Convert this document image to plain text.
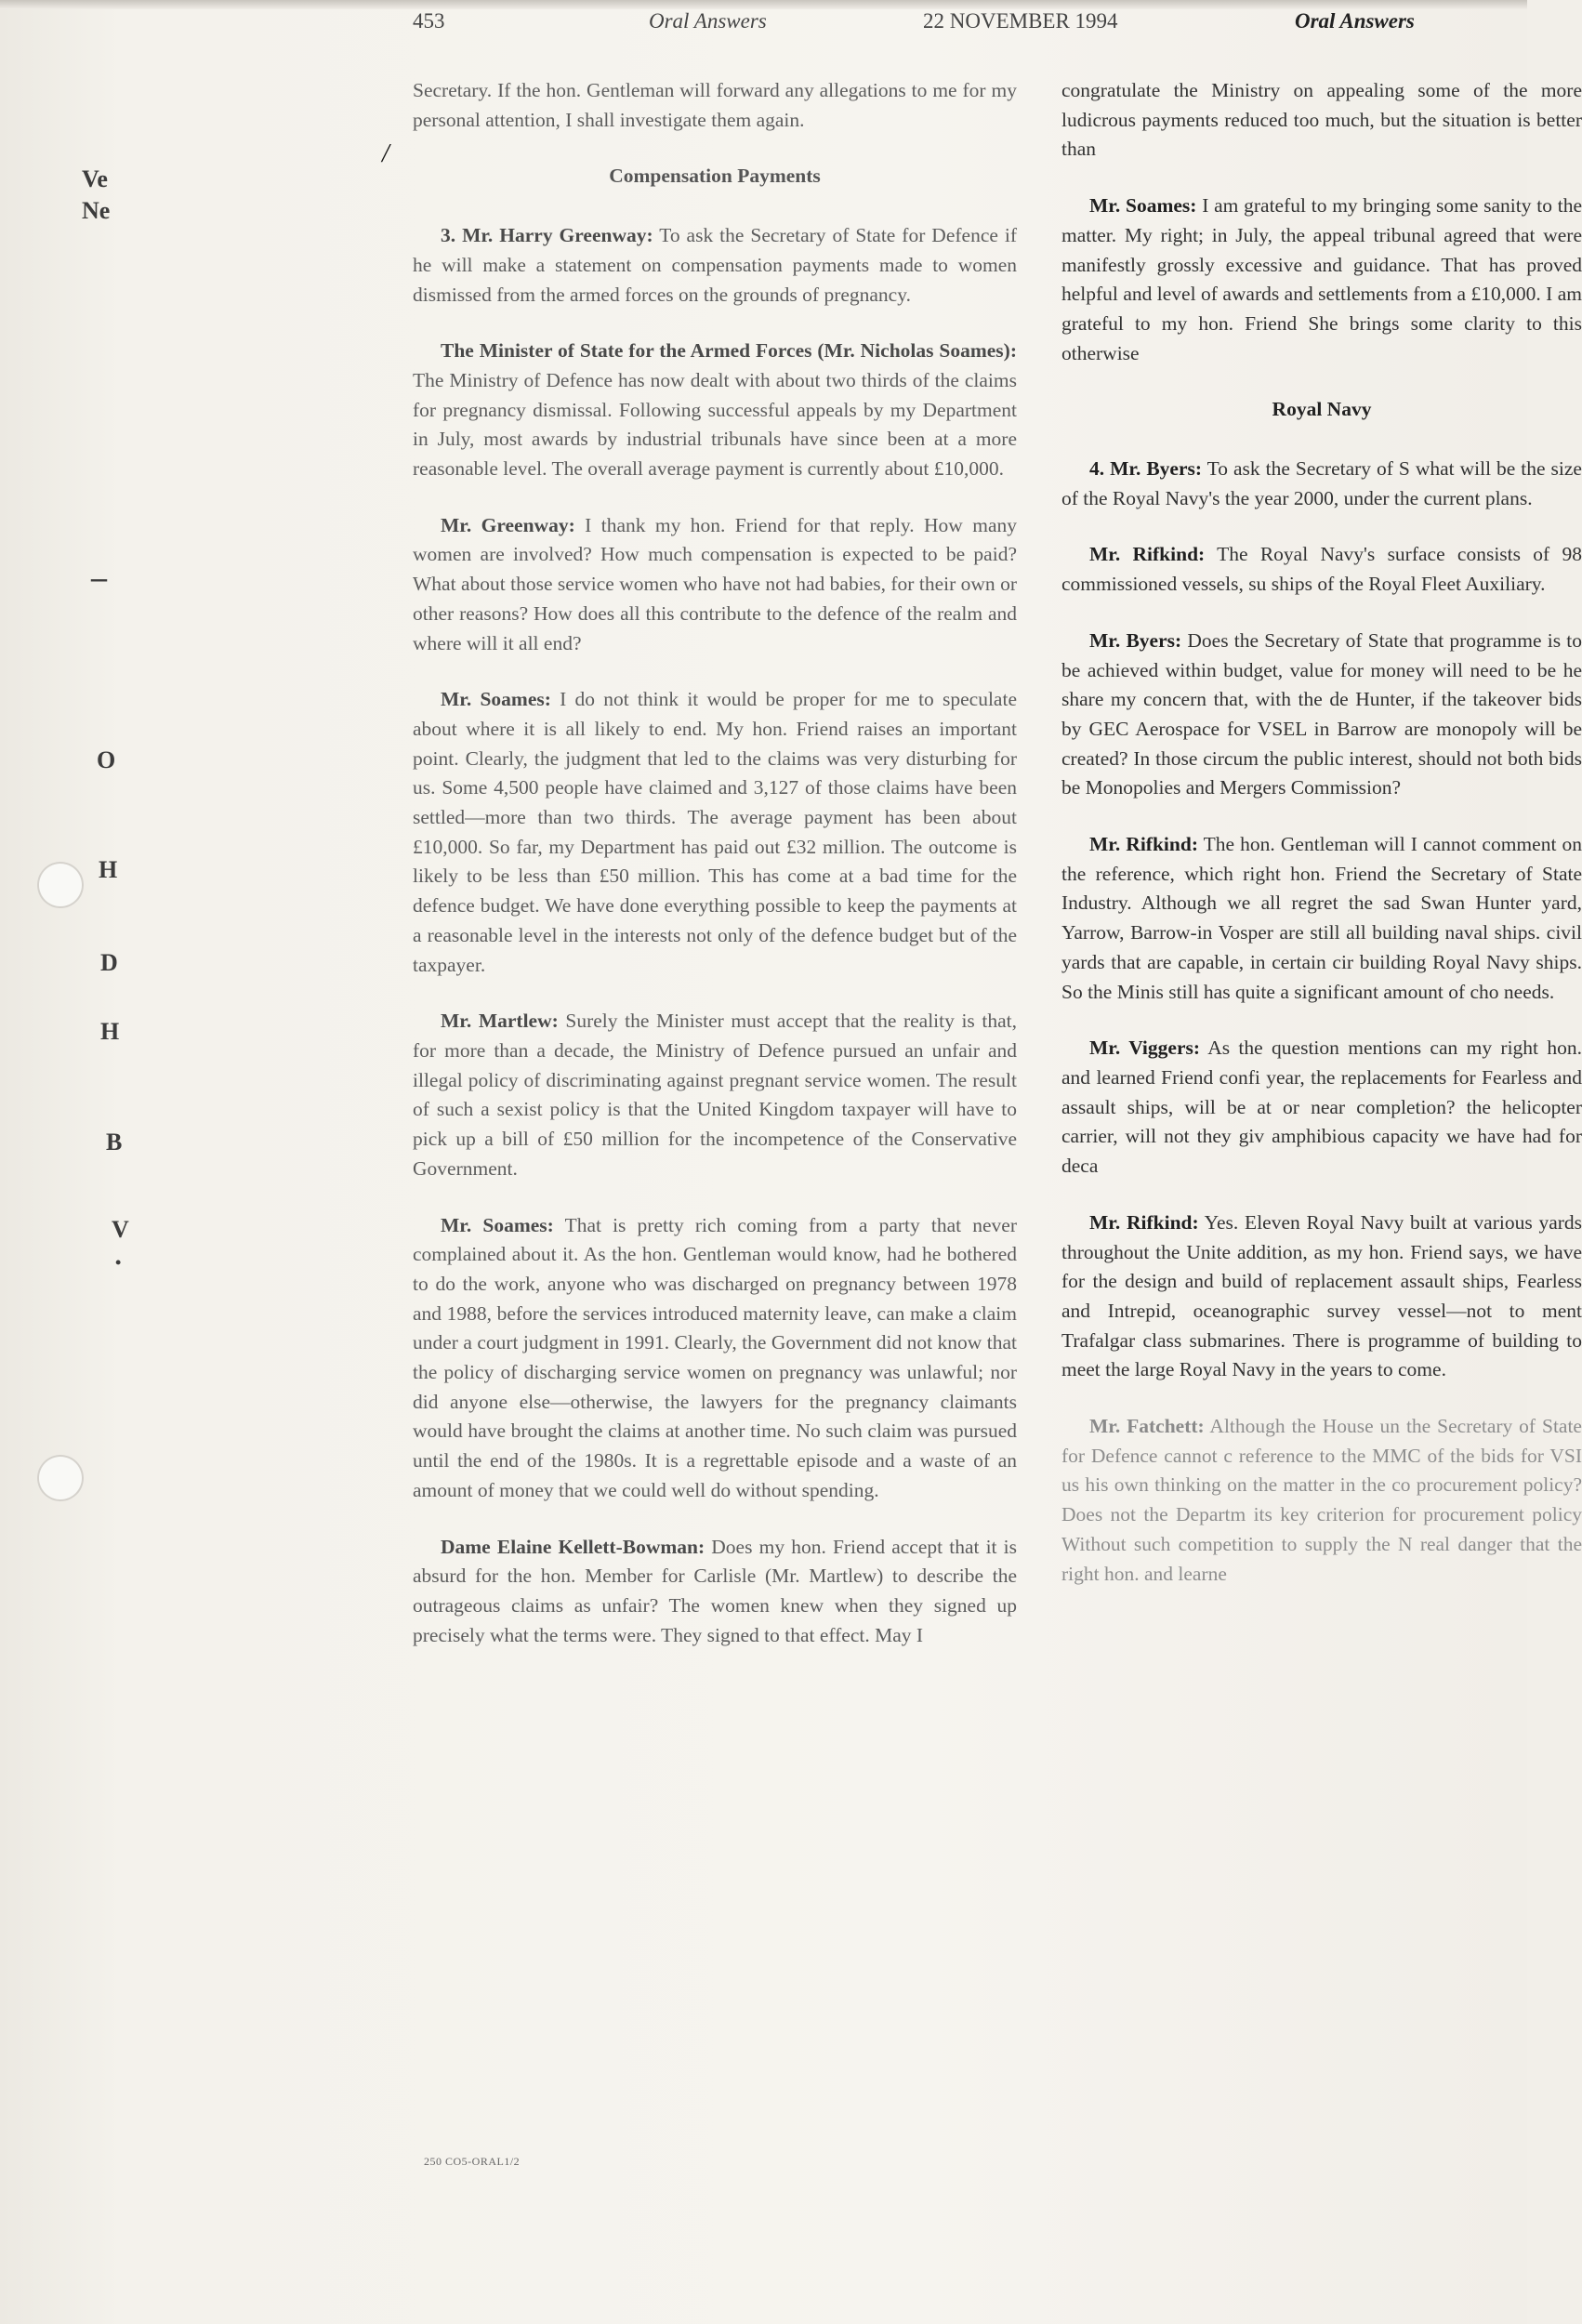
453	Oral Answers	22 NOVEMBER 1994	Oral Answers
Ve
Ne
–
O
H
D
H
B
V
•
/

Secretary. If the hon. Gentleman will forward any allegations to me for my personal attention, I shall investigate them again.

Compensation Payments

3. Mr. Harry Greenway: To ask the Secretary of State for Defence if he will make a statement on compensation payments made to women dismissed from the armed forces on the grounds of pregnancy.

The Minister of State for the Armed Forces (Mr. Nicholas Soames): The Ministry of Defence has now dealt with about two thirds of the claims for pregnancy dismissal. Following successful appeals by my Department in July, most awards by industrial tribunals have since been at a more reasonable level. The overall average payment is currently about £10,000.

Mr. Greenway: I thank my hon. Friend for that reply. How many women are involved? How much compensation is expected to be paid? What about those service women who have not had babies, for their own or other reasons? How does all this contribute to the defence of the realm and where will it all end?

Mr. Soames: I do not think it would be proper for me to speculate about where it is all likely to end. My hon. Friend raises an important point. Clearly, the judgment that led to the claims was very disturbing for us. Some 4,500 people have claimed and 3,127 of those claims have been settled—more than two thirds. The average payment has been about £10,000. So far, my Department has paid out £32 million. The outcome is likely to be less than £50 million. This has come at a bad time for the defence budget. We have done everything possible to keep the payments at a reasonable level in the interests not only of the defence budget but of the taxpayer.

Mr. Martlew: Surely the Minister must accept that the reality is that, for more than a decade, the Ministry of Defence pursued an unfair and illegal policy of discriminating against pregnant service women. The result of such a sexist policy is that the United Kingdom taxpayer will have to pick up a bill of £50 million for the incompetence of the Conservative Government.

Mr. Soames: That is pretty rich coming from a party that never complained about it. As the hon. Gentleman would know, had he bothered to do the work, anyone who was discharged on pregnancy between 1978 and 1988, before the services introduced maternity leave, can make a claim under a court judgment in 1991. Clearly, the Government did not know that the policy of discharging service women on pregnancy was unlawful; nor did anyone else—otherwise, the lawyers for the pregnancy claimants would have brought the claims at another time. No such claim was pursued until the end of the 1980s. It is a regrettable episode and a waste of an amount of money that we could well do without spending.

Dame Elaine Kellett-Bowman: Does my hon. Friend accept that it is absurd for the hon. Member for Carlisle (Mr. Martlew) to describe the outrageous claims as unfair? The women knew when they signed up precisely what the terms were. They signed to that effect. May I

250 CO5-ORAL1/2

congratulate the Ministry on appealing some of the more ludicrous payments reduced too much, but the situation is better than

Mr. Soames: I am grateful to my bringing some sanity to the matter. My right; in July, the appeal tribunal agreed that were manifestly grossly excessive and guidance. That has proved helpful and level of awards and settlements from a £10,000. I am grateful to my hon. Friend She brings some clarity to this otherwise

Royal Navy

4. Mr. Byers: To ask the Secretary of S what will be the size of the Royal Navy's the year 2000, under the current plans.

Mr. Rifkind: The Royal Navy's surface consists of 98 commissioned vessels, su ships of the Royal Fleet Auxiliary.

Mr. Byers: Does the Secretary of State that programme is to be achieved within budget, value for money will need to be he share my concern that, with the de Hunter, if the takeover bids by GEC Aerospace for VSEL in Barrow are monopoly will be created? In those circum the public interest, should not both bids be Monopolies and Mergers Commission?

Mr. Rifkind: The hon. Gentleman will I cannot comment on the reference, which right hon. Friend the Secretary of State Industry. Although we all regret the sad Swan Hunter yard, Yarrow, Barrow-in Vosper are still all building naval ships. civil yards that are capable, in certain cir building Royal Navy ships. So the Minis still has quite a significant amount of cho needs.

Mr. Viggers: As the question mentions can my right hon. and learned Friend confi year, the replacements for Fearless and assault ships, will be at or near completion? the helicopter carrier, will not they giv amphibious capacity we have had for deca

Mr. Rifkind: Yes. Eleven Royal Navy built at various yards throughout the Unite addition, as my hon. Friend says, we have for the design and build of replacement assault ships, Fearless and Intrepid, oceanographic survey vessel—not to ment Trafalgar class submarines. There is programme of building to meet the large Royal Navy in the years to come.

Mr. Fatchett: Although the House un the Secretary of State for Defence cannot c reference to the MMC of the bids for VSI us his own thinking on the matter in the co procurement policy? Does not the Departm its key criterion for procurement policy Without such competition to supply the N real danger that the right hon. and learne
